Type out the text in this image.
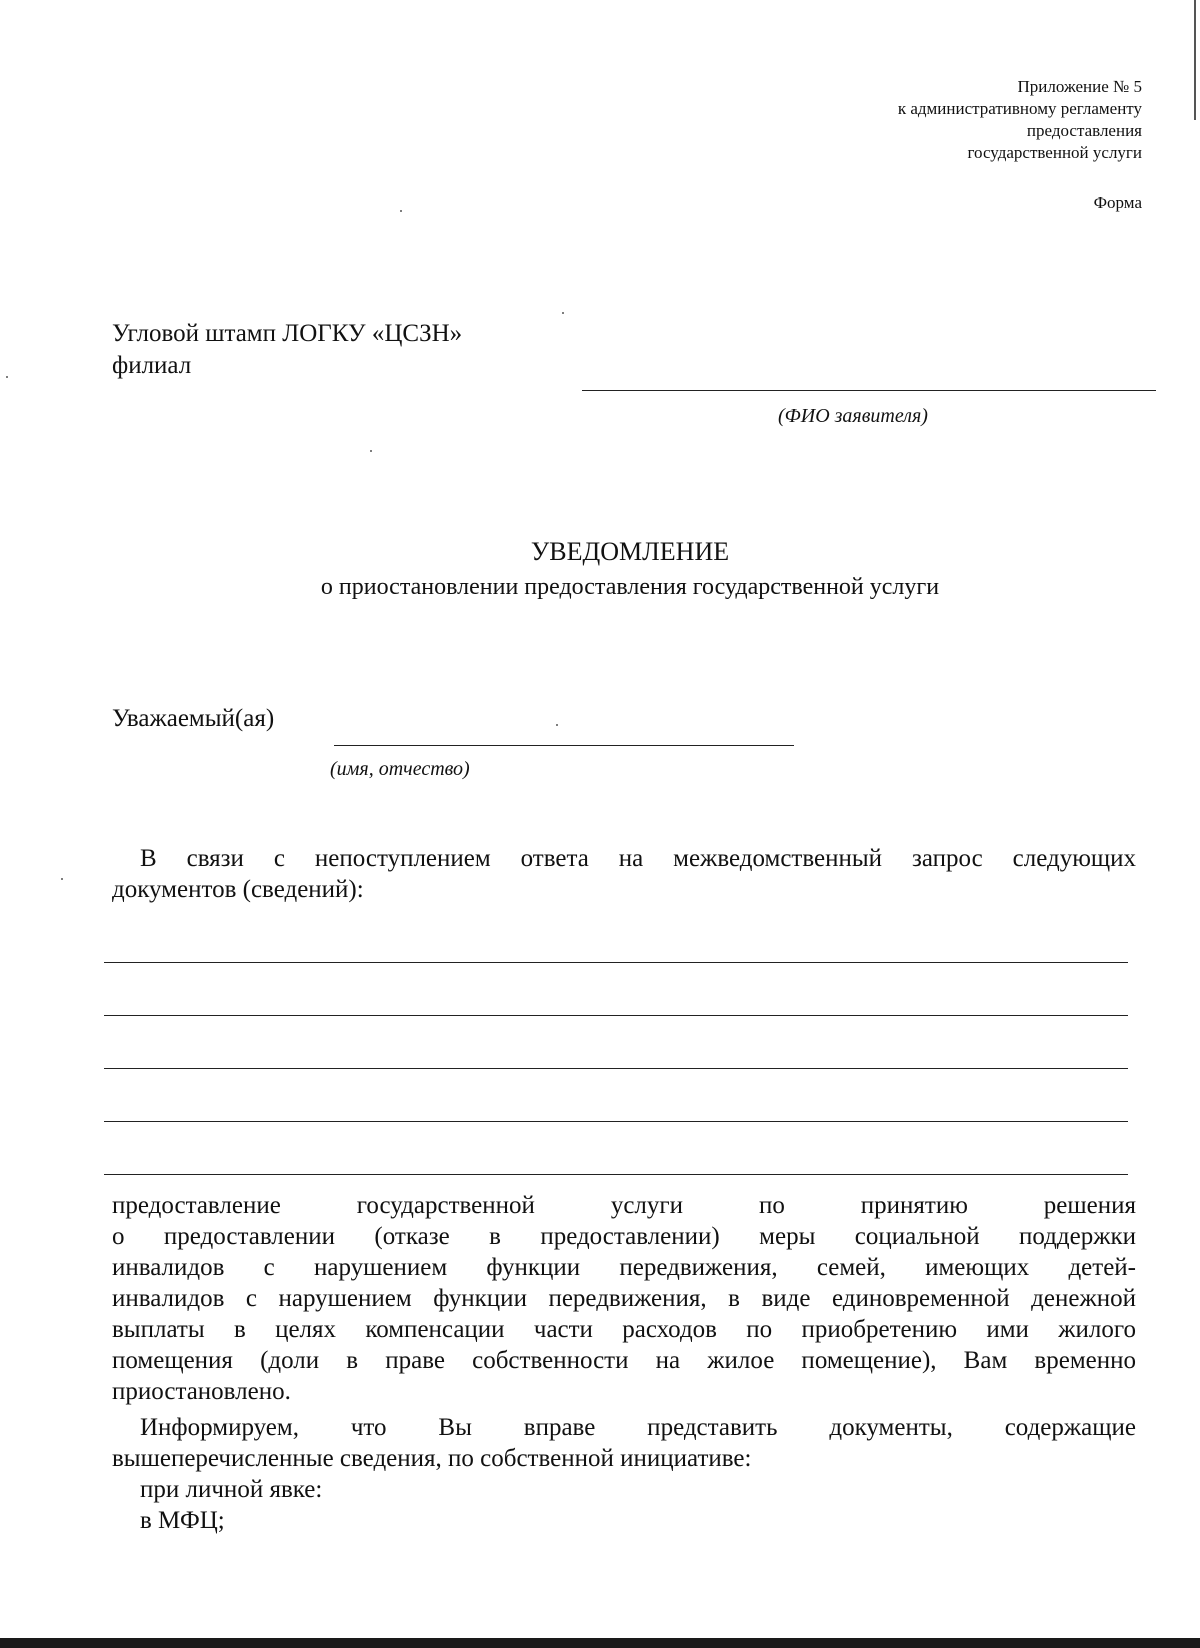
Приложение № 5
к административному регламенту
предоставления
государственной услуги
Форма
Угловой штамп ЛОГКУ «ЦСЗН»
филиал
(ФИО заявителя)
УВЕДОМЛЕНИЕ
о приостановлении предоставления государственной услуги
Уважаемый(ая)
(имя, отчество)
В связи с непоступлением ответа на межведомственный запрос следующих
документов (сведений):
предоставление государственной услуги по принятию решения
о предоставлении (отказе в предоставлении) меры социальной поддержки
инвалидов с нарушением функции передвижения, семей, имеющих детей-
инвалидов с нарушением функции передвижения, в виде единовременной денежной
выплаты в целях компенсации части расходов по приобретению ими жилого
помещения (доли в праве собственности на жилое помещение), Вам временно
приостановлено.
Информируем, что Вы вправе представить документы, содержащие
вышеперечисленные сведения, по собственной инициативе:
при личной явке:
в МФЦ;
